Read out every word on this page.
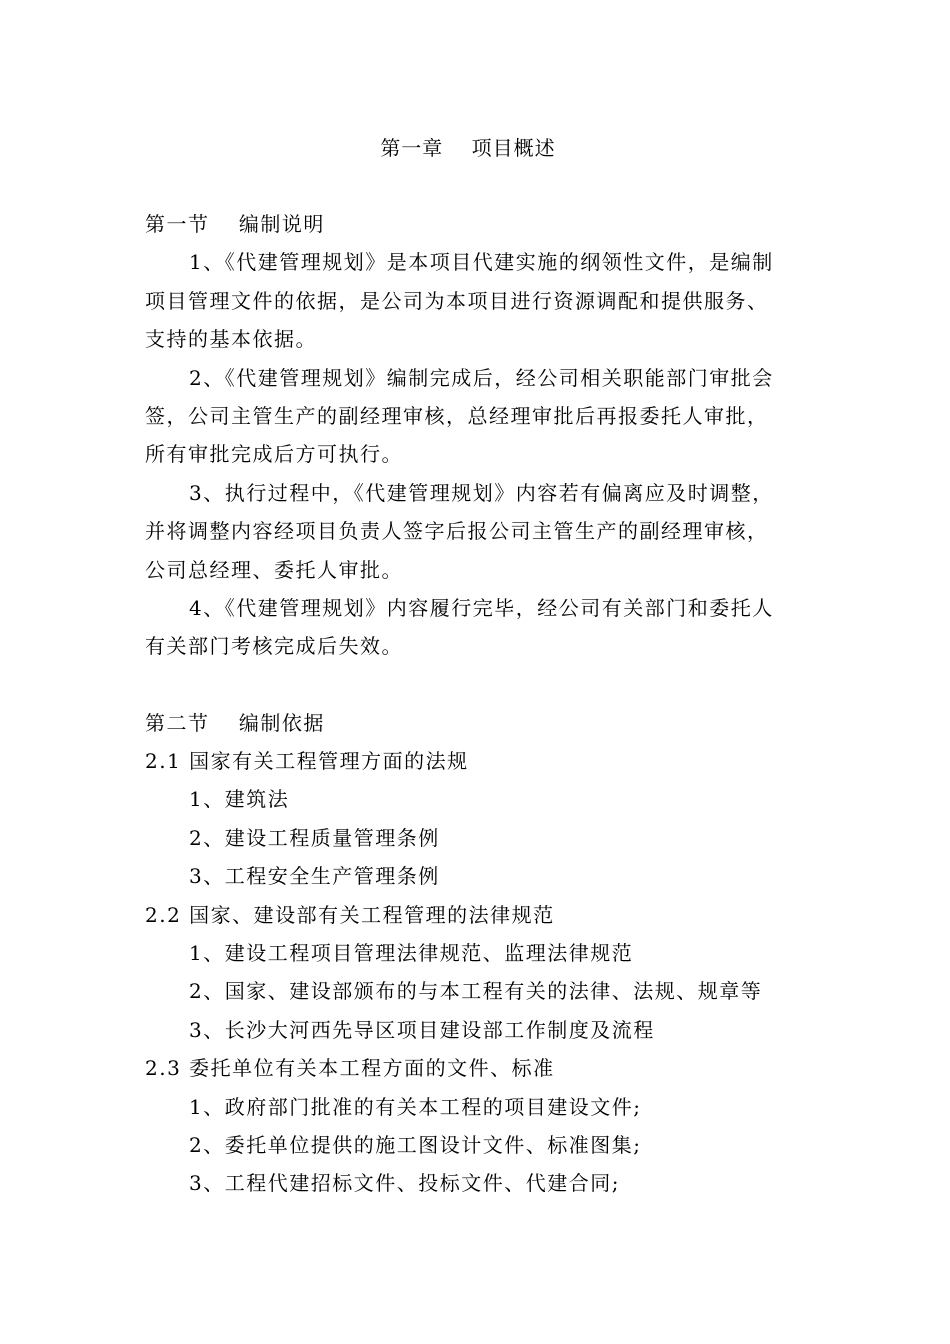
第一章　 项目概述
第一节　 编制说明
1、《代建管理规划》是本项目代建实施的纲领性文件，是编制
项目管理文件的依据，是公司为本项目进行资源调配和提供服务、
支持的基本依据。
2、《代建管理规划》编制完成后，经公司相关职能部门审批会
签，公司主管生产的副经理审核，总经理审批后再报委托人审批，
所有审批完成后方可执行。
3、执行过程中，《代建管理规划》内容若有偏离应及时调整，
并将调整内容经项目负责人签字后报公司主管生产的副经理审核，
公司总经理、委托人审批。
4、《代建管理规划》内容履行完毕，经公司有关部门和委托人
有关部门考核完成后失效。
第二节　 编制依据
2.1 国家有关工程管理方面的法规
1、建筑法
2、建设工程质量管理条例
3、工程安全生产管理条例
2.2 国家、建设部有关工程管理的法律规范
1、建设工程项目管理法律规范、监理法律规范
2、国家、建设部颁布的与本工程有关的法律、法规、规章等
3、长沙大河西先导区项目建设部工作制度及流程
2.3 委托单位有关本工程方面的文件、标准
1、政府部门批准的有关本工程的项目建设文件;
2、委托单位提供的施工图设计文件、标准图集;
3、工程代建招标文件、投标文件、代建合同;
